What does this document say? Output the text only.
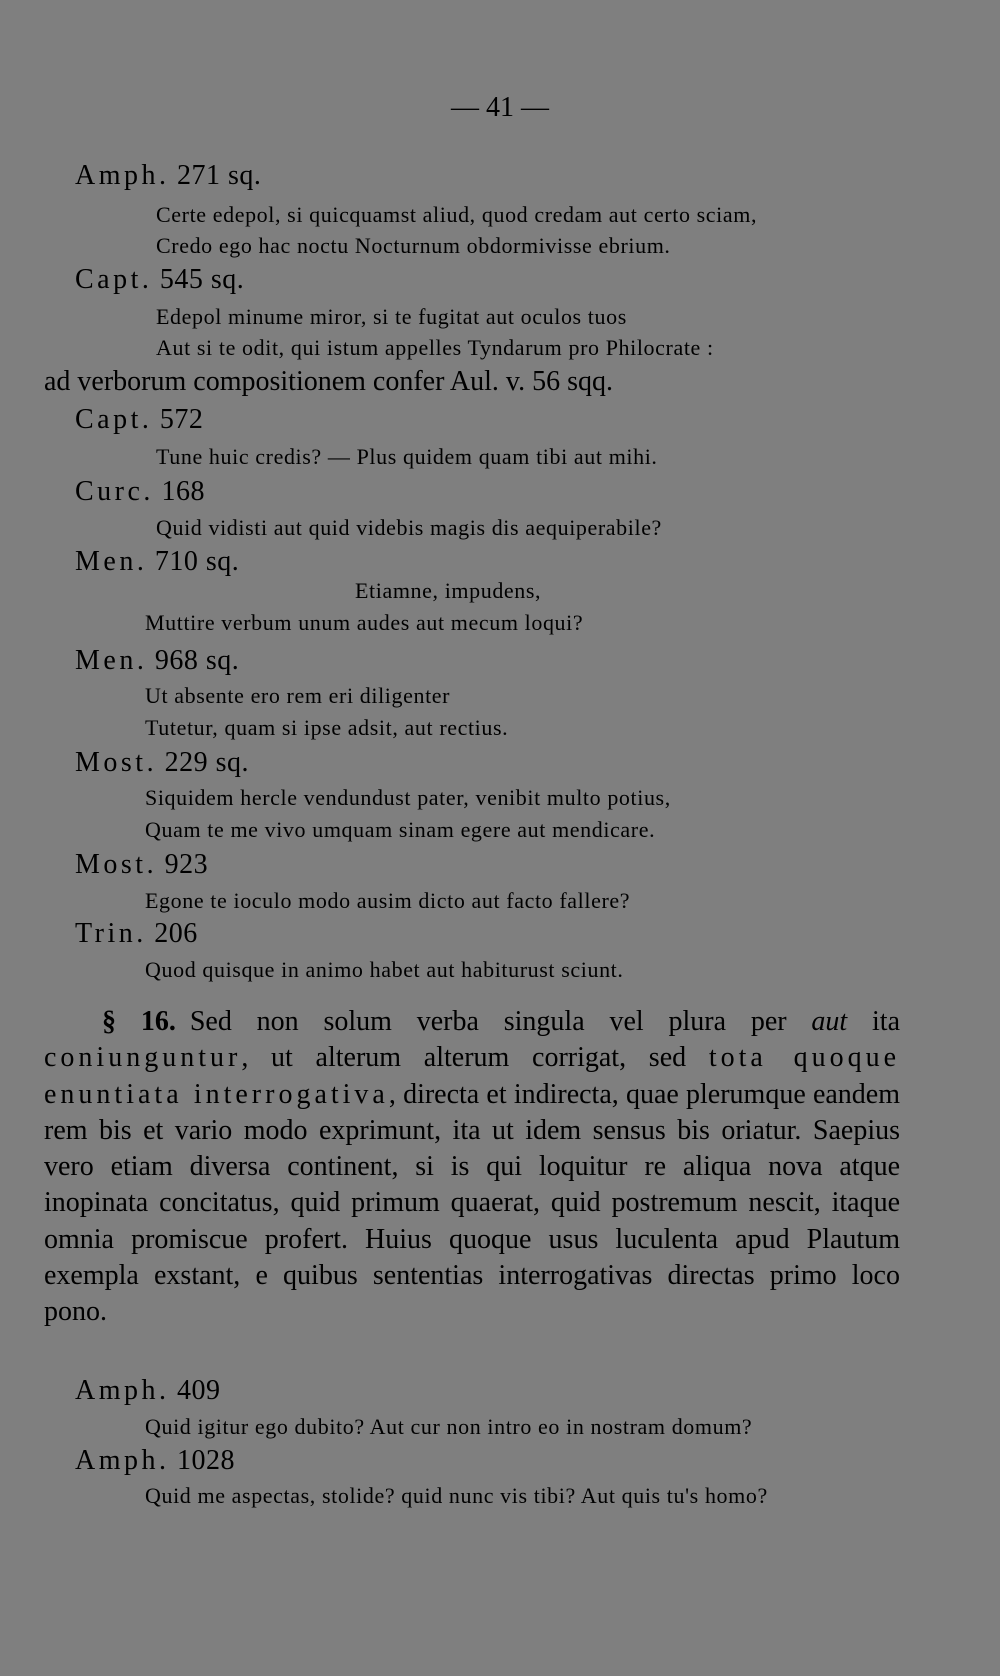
— 41 —
Amph. 271 sq.
Certe edepol, si quicquamst aliud, quod credam aut certo sciam,
Credo ego hac noctu Nocturnum obdormivisse ebrium.
Capt. 545 sq.
Edepol minume miror, si te fugitat aut oculos tuos
Aut si te odit, qui istum appelles Tyndarum pro Philocrate :
ad verborum compositionem confer Aul. v. 56 sqq.
Capt. 572
Tune huic credis? — Plus quidem quam tibi aut mihi.
Curc. 168
Quid vidisti aut quid videbis magis dis aequiperabile?
Men. 710 sq.
Etiamne, impudens,
Muttire verbum unum audes aut mecum loqui?
Men. 968 sq.
Ut absente ero rem eri diligenter
Tutetur, quam si ipse adsit, aut rectius.
Most. 229 sq.
Siquidem hercle vendundust pater, venibit multo potius,
Quam te me vivo umquam sinam egere aut mendicare.
Most. 923
Egone te ioculo modo ausim dicto aut facto fallere?
Trin. 206
Quod quisque in animo habet aut habiturust sciunt.
§ 16. Sed non solum verba singula vel plura per aut ita coniunguntur, ut alterum alterum corrigat, sed tota quoque enuntiata interrogativa, directa et indirecta, quae plerumque eandem rem bis et vario modo exprimunt, ita ut idem sensus bis oriatur. Saepius vero etiam diversa continent, si is qui loquitur re aliqua nova atque inopinata concitatus, quid primum quaerat, quid postremum nescit, itaque omnia promiscue profert. Huius quoque usus luculenta apud Plautum exempla exstant, e quibus sententias interrogativas directas primo loco pono.
Amph. 409
Quid igitur ego dubito? Aut cur non intro eo in nostram domum?
Amph. 1028
Quid me aspectas, stolide? quid nunc vis tibi? Aut quis tu's homo?
